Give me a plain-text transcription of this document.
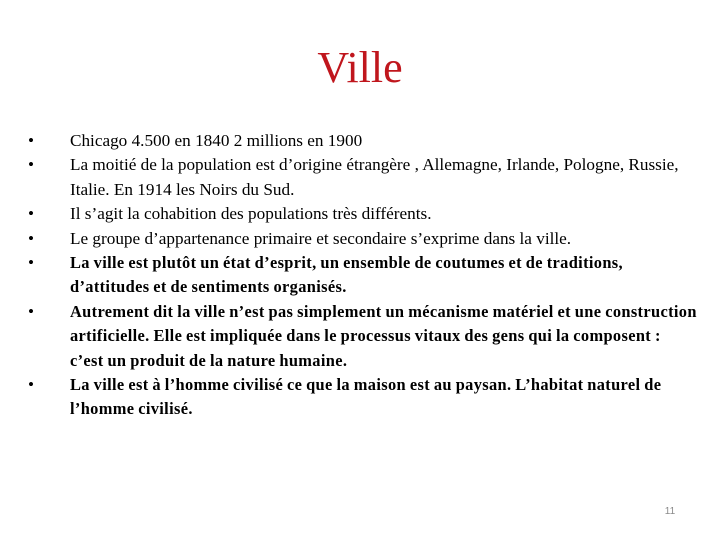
Ville
•	Chicago 4.500 en 1840 2 millions en 1900
•	La moitié de la population est d’origine étrangère , Allemagne, Irlande, Pologne, Russie, Italie. En 1914 les Noirs du Sud.
•	Il s’agit la cohabition des populations très différents.
•	Le groupe d’appartenance primaire et secondaire s’exprime dans la ville.
•	La ville est plutôt un état d’esprit, un ensemble de coutumes et de traditions, d’attitudes et de sentiments organisés.
•	Autrement dit la ville n’est pas simplement un mécanisme matériel et une construction artificielle. Elle est impliquée dans le processus vitaux des gens qui la composent : c’est un produit de la nature humaine.
•	La ville est à l’homme civilisé ce que la maison est au paysan. L’habitat naturel de l’homme civilisé.
11
